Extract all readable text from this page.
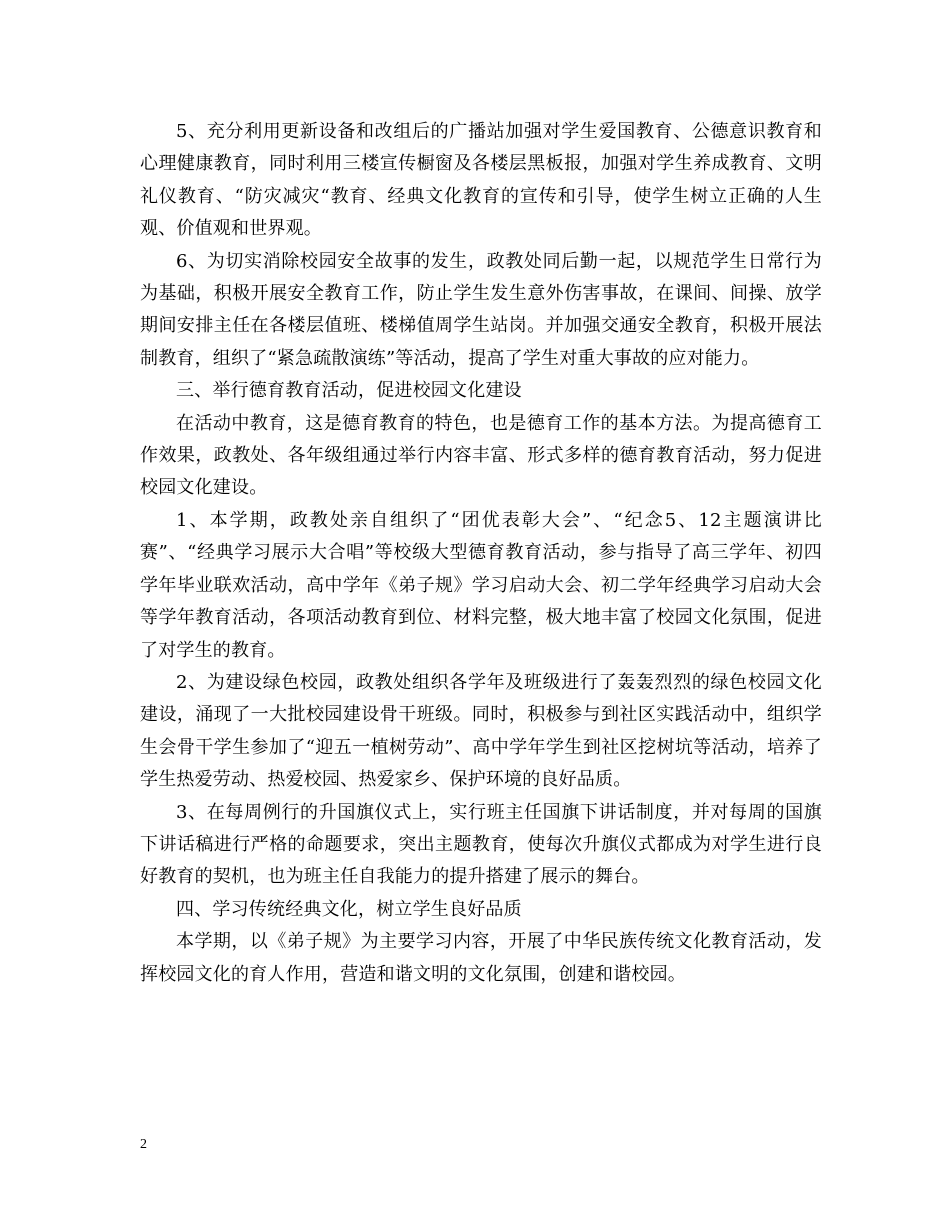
5、充分利用更新设备和改组后的广播站加强对学生爱国教育、公德意识教育和心理健康教育，同时利用三楼宣传橱窗及各楼层黑板报，加强对学生养成教育、文明礼仪教育、“防灾减灾“教育、经典文化教育的宣传和引导，使学生树立正确的人生观、价值观和世界观。

6、为切实消除校园安全故事的发生，政教处同后勤一起，以规范学生日常行为为基础，积极开展安全教育工作，防止学生发生意外伤害事故，在课间、间操、放学期间安排主任在各楼层值班、楼梯值周学生站岗。并加强交通安全教育，积极开展法制教育，组织了“紧急疏散演练”等活动，提高了学生对重大事故的应对能力。

三、举行德育教育活动，促进校园文化建设

在活动中教育，这是德育教育的特色，也是德育工作的基本方法。为提高德育工作效果，政教处、各年级组通过举行内容丰富、形式多样的德育教育活动，努力促进校园文化建设。

1、本学期，政教处亲自组织了“团优表彰大会”、“纪念5、12主题演讲比赛”、“经典学习展示大合唱”等校级大型德育教育活动，参与指导了高三学年、初四学年毕业联欢活动，高中学年《弟子规》学习启动大会、初二学年经典学习启动大会等学年教育活动，各项活动教育到位、材料完整，极大地丰富了校园文化氛围，促进了对学生的教育。

2、为建设绿色校园，政教处组织各学年及班级进行了轰轰烈烈的绿色校园文化建设，涌现了一大批校园建设骨干班级。同时，积极参与到社区实践活动中，组织学生会骨干学生参加了“迎五一植树劳动”、高中学年学生到社区挖树坑等活动，培养了学生热爱劳动、热爱校园、热爱家乡、保护环境的良好品质。

3、在每周例行的升国旗仪式上，实行班主任国旗下讲话制度，并对每周的国旗下讲话稿进行严格的命题要求，突出主题教育，使每次升旗仪式都成为对学生进行良好教育的契机，也为班主任自我能力的提升搭建了展示的舞台。

四、学习传统经典文化，树立学生良好品质

本学期，以《弟子规》为主要学习内容，开展了中华民族传统文化教育活动，发挥校园文化的育人作用，营造和谐文明的文化氛围，创建和谐校园。

2
